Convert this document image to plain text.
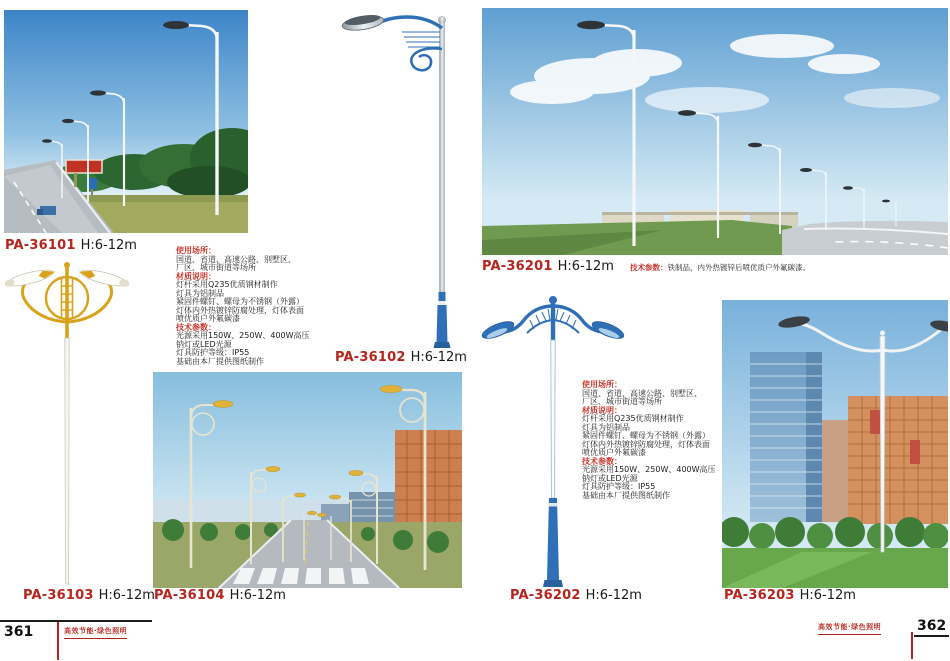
PA-36101 H:6-12m	使用场所：
国道、省道、高速公路、别墅区、
厂区、城市街道等场所
材质说明：
灯杆采用Q235优质钢材制作
灯具为铝制品
紧固件螺钉、螺母为不锈钢（外露）
灯体内外热镀锌防腐处理，灯体表面
喷优质户外氟碳漆
技术参数：
光源采用150W、250W、400W高压
钠灯或LED光源
灯具防护等级：IP55
基础由本厂提供图纸制作
PA-36103 H:6-12m
PA-36102 H:6-12m
PA-36104 H:6-12m
PA-36201 H:6-12m 技术参数：铁制品，内外热镀锌后喷优质户外氟碳漆。
PA-36202 H:6-12m
使用场所：
国道、省道、高速公路、别墅区、
厂区、城市街道等场所
材质说明：
灯杆采用Q235优质钢材制作
灯具为铝制品
紧固件螺钉、螺母为不锈钢（外露）
灯体内外热镀锌防腐处理，灯体表面
喷优质户外氟碳漆
技术参数：
光源采用150W、250W、400W高压
钠灯或LED光源
灯具防护等级：IP55
基础由本厂提供图纸制作
PA-36203 H:6-12m
361	高效节能·绿色照明	高效节能·绿色照明	362
